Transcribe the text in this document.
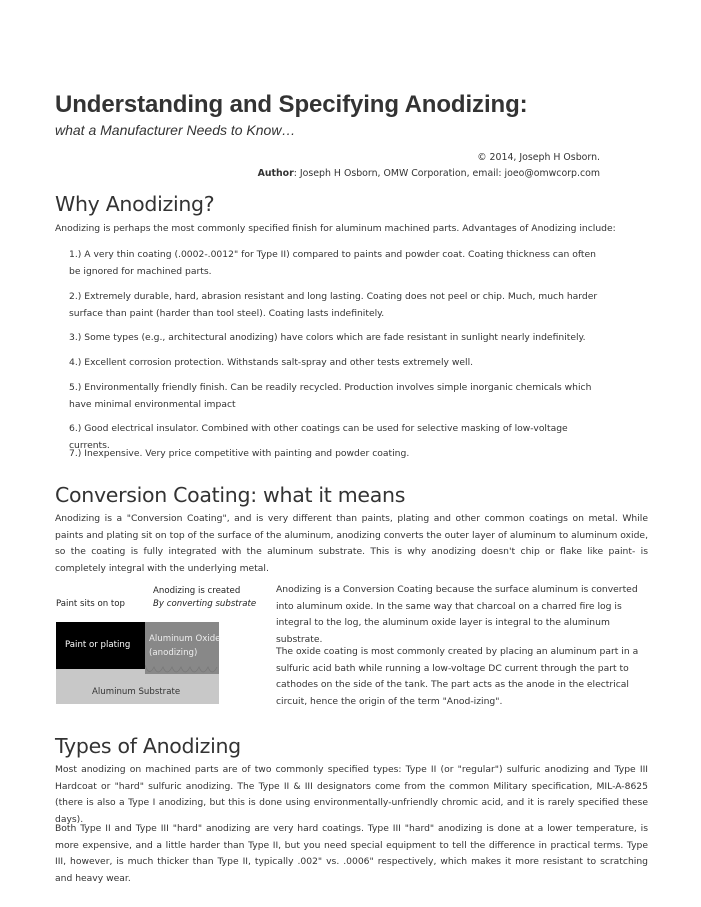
Understanding and Specifying Anodizing:
what a Manufacturer Needs to Know…
© 2014, Joseph H Osborn.
Author: Joseph H Osborn, OMW Corporation, email: joeo@omwcorp.com
Why Anodizing?
Anodizing is perhaps the most commonly specified finish for aluminum machined parts. Advantages of Anodizing include:
1.) A very thin coating (.0002-.0012" for Type II) compared to paints and powder coat. Coating thickness can often be ignored for machined parts.
2.) Extremely durable, hard, abrasion resistant and long lasting. Coating does not peel or chip. Much, much harder surface than paint (harder than tool steel). Coating lasts indefinitely.
3.) Some types (e.g., architectural anodizing) have colors which are fade resistant in sunlight nearly indefinitely.
4.) Excellent corrosion protection. Withstands salt-spray and other tests extremely well.
5.) Environmentally friendly finish. Can be readily recycled. Production involves simple inorganic chemicals which have minimal environmental impact
6.) Good electrical insulator. Combined with other coatings can be used for selective masking of low-voltage currents.
7.) Inexpensive. Very price competitive with painting and powder coating.
Conversion Coating: what it means
Anodizing is a "Conversion Coating", and is very different than paints, plating and other common coatings on metal. While paints and plating sit on top of the surface of the aluminum, anodizing converts the outer layer of aluminum to aluminum oxide, so the coating is fully integrated with the aluminum substrate. This is why anodizing doesn't chip or flake like paint- is completely integral with the underlying metal.
Paint sits on top
Anodizing is created
By converting substrate
Paint or plating
Aluminum Oxide
(anodizing)
Aluminum Substrate
Anodizing is a Conversion Coating because the surface aluminum is converted into aluminum oxide. In the same way that charcoal on a charred fire log is integral to the log, the aluminum oxide layer is integral to the aluminum substrate.
The oxide coating is most commonly created by placing an aluminum part in a sulfuric acid bath while running a low-voltage DC current through the part to cathodes on the side of the tank. The part acts as the anode in the electrical circuit, hence the origin of the term "Anod-izing".
Types of Anodizing
Most anodizing on machined parts are of two commonly specified types: Type II (or "regular") sulfuric anodizing and Type III Hardcoat or "hard" sulfuric anodizing. The Type II & III designators come from the common Military specification, MIL-A-8625 (there is also a Type I anodizing, but this is done using environmentally-unfriendly chromic acid, and it is rarely specified these days).
Both Type II and Type III "hard" anodizing are very hard coatings. Type III "hard" anodizing is done at a lower temperature, is more expensive, and a little harder than Type II, but you need special equipment to tell the difference in practical terms. Type III, however, is much thicker than Type II, typically .002" vs. .0006" respectively, which makes it more resistant to scratching and heavy wear.
